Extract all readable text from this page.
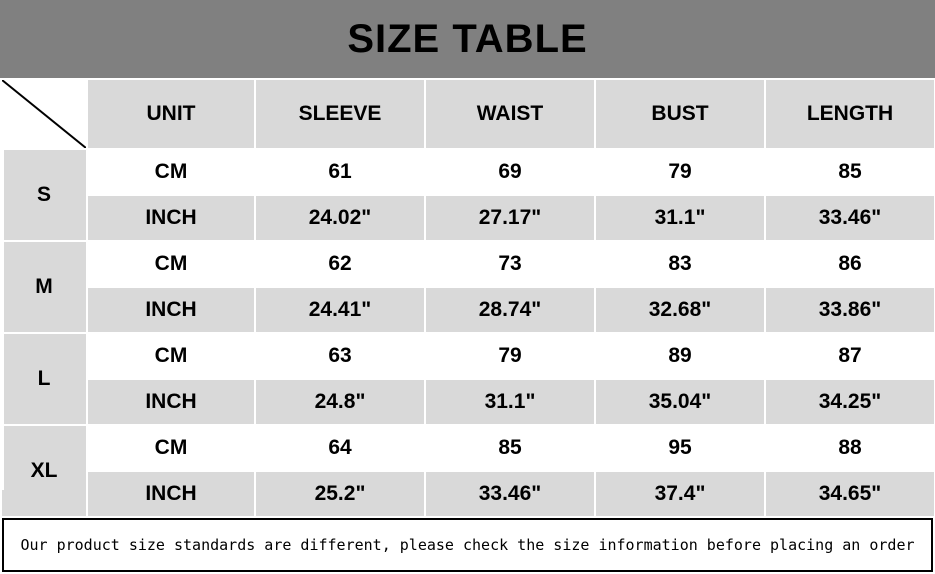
SIZE TABLE
	UNIT	SLEEVE	WAIST	BUST	LENGTH
S	CM	61	69	79	85
	INCH	24.02"	27.17"	31.1"	33.46"
M	CM	62	73	83	86
	INCH	24.41"	28.74"	32.68"	33.86"
L	CM	63	79	89	87
	INCH	24.8"	31.1"	35.04"	34.25"
XL	CM	64	85	95	88
	INCH	25.2"	33.46"	37.4"	34.65"
Our product size standards are different, please check the size information before placing an order
